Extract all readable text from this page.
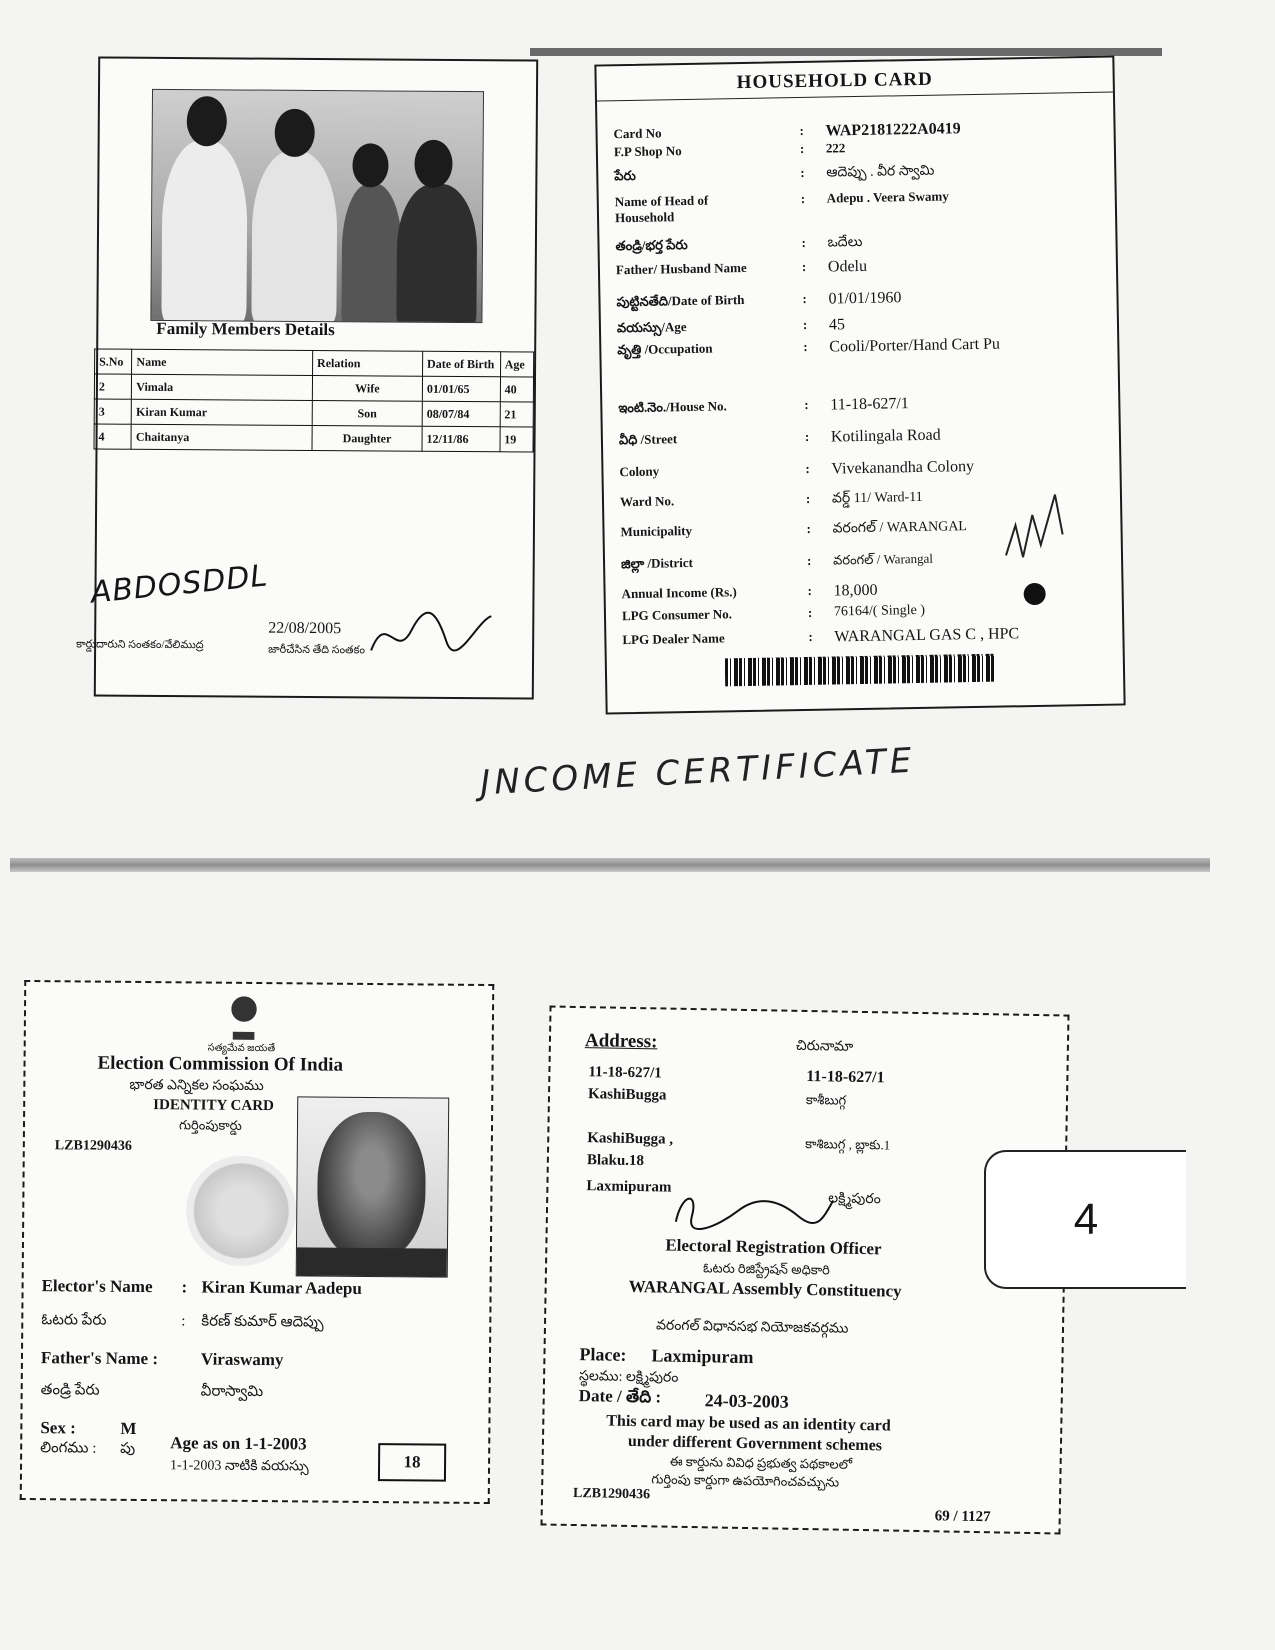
Family Members Details
S.No	Name	Relation	Date of Birth	Age
2	Vimala	Wife	01/01/65	40
3	Kiran Kumar	Son	08/07/84	21
4	Chaitanya	Daughter	12/11/86	19
ABDOSDDL
కార్డుదారుని సంతకం/వేలిముద్ర
22/08/2005
జారీచేసిన తేది సంతకం
HOUSEHOLD CARD
Card No	:	WAP2181222A0419
F.P Shop No	:	222
పేరు	:	ఆదెప్పు . వీర స్వామి
Name of Head of Household
:	Adepu . Veera Swamy
తండ్రి/భర్త పేరు	:	ఒదేలు
Father/ Husband Name	:	Odelu
పుట్టినతేది/Date of Birth	:	01/01/1960
వయస్సు/Age	:	45
వృత్తి /Occupation	:	Cooli/Porter/Hand Cart Pu
ఇంటి.నెం./House No.	:	11-18-627/1
వీధి /Street	:	Kotilingala Road
Colony	:	Vivekanandha Colony
Ward No.	:	వర్డ్ 11/ Ward-11
Municipality	:	వరంగల్ / WARANGAL
జిల్లా /District	:	వరంగల్ / Warangal
Annual Income (Rs.)	:	18,000
LPG Consumer No.	:	76164/( Single )
LPG Dealer Name	:	WARANGAL GAS C , HPC
JNCOME CERTIFICATE
సత్యమేవ జయతే
Election Commission Of India
భారత ఎన్నికల సంఘము
IDENTITY CARD
గుర్తింపుకార్డు
LZB1290436
Elector's Name : Kiran Kumar Aadepu
ఓటరు పేరు	: కిరణ్ కుమార్ ఆదెప్పు
Father's Name :	Viraswamy
తండ్రి పేరు	వీరాస్వామి
Sex :	M
లింగము : పు Age as on 1-1-2003
1-1-2003 నాటికి వయస్సు	18
Address:	చిరునామా
11-18-627/1	11-18-627/1
KashiBugga	కాశీబుగ్గ
KashiBugga ,	కాశిబుగ్గ , బ్లాకు.1
Blaku.18
Laxmipuram
లక్ష్మిపురం
Electoral Registration Officer
ఓటరు రిజిస్ట్రేషన్ అధికారి
WARANGAL Assembly Constituency
వరంగల్ విధానసభ నియోజకవర్గము
Place: Laxmipuram
స్థలము: లక్ష్మిపురం
Date / తేది : 24-03-2003
This card may be used as an identity card
under different Government schemes
ఈ కార్డును వివిధ ప్రభుత్వ పథకాలలో
గుర్తింపు కార్డుగా ఉపయోగించవచ్చును
LZB1290436
69 / 1127
4
